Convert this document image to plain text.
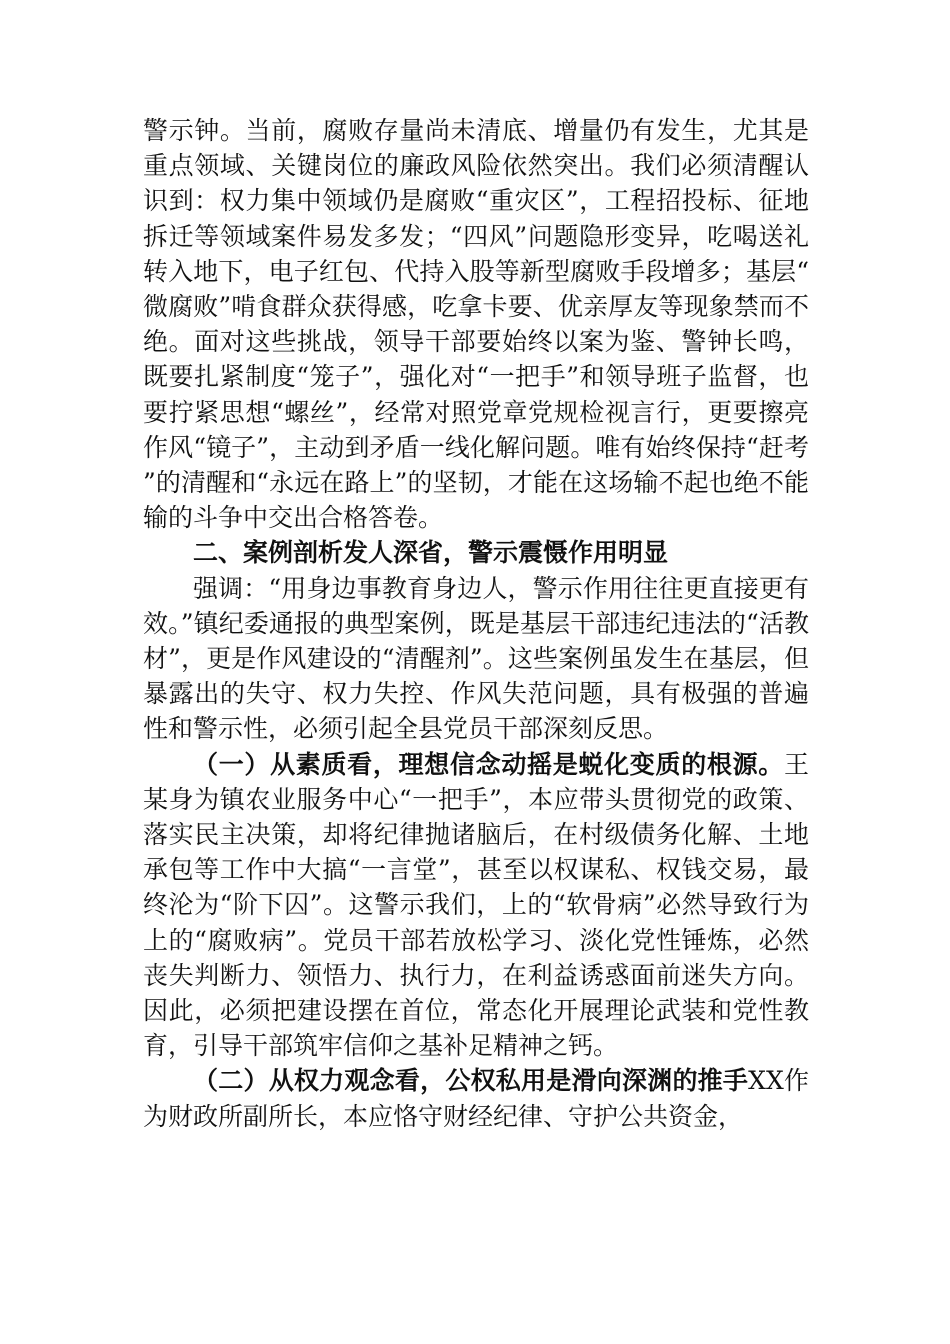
警示钟。当前，腐败存量尚未清底、增量仍有发生，尤其是重点领域、关键岗位的廉政风险依然突出。我们必须清醒认识到：权力集中领域仍是腐败“重灾区”，工程招投标、征地拆迁等领域案件易发多发；“四风”问题隐形变异，吃喝送礼转入地下，电子红包、代持入股等新型腐败手段增多；基层“微腐败”啃食群众获得感，吃拿卡要、优亲厚友等现象禁而不绝。面对这些挑战，领导干部要始终以案为鉴、警钟长鸣，既要扎紧制度“笼子”，强化对“一把手”和领导班子监督，也要拧紧思想“螺丝”，经常对照党章党规检视言行，更要擦亮作风“镜子”，主动到矛盾一线化解问题。唯有始终保持“赶考”的清醒和“永远在路上”的坚韧，才能在这场输不起也绝不能输的斗争中交出合格答卷。

二、案例剖析发人深省，警示震慑作用明显

强调：“用身边事教育身边人，警示作用往往更直接更有效。”镇纪委通报的典型案例，既是基层干部违纪违法的“活教材”，更是作风建设的“清醒剂”。这些案例虽发生在基层，但暴露出的失守、权力失控、作风失范问题，具有极强的普遍性和警示性，必须引起全县党员干部深刻反思。

（一）从素质看，理想信念动摇是蜕化变质的根源。王某身为镇农业服务中心“一把手”，本应带头贯彻党的政策、落实民主决策，却将纪律抛诸脑后，在村级债务化解、土地承包等工作中大搞“一言堂”，甚至以权谋私、权钱交易，最终沦为“阶下囚”。这警示我们，上的“软骨病”必然导致行为上的“腐败病”。党员干部若放松学习、淡化党性锤炼，必然丧失判断力、领悟力、执行力，在利益诱惑面前迷失方向。因此，必须把建设摆在首位，常态化开展理论武装和党性教育，引导干部筑牢信仰之基补足精神之钙。

（二）从权力观念看，公权私用是滑向深渊的推手XX作为财政所副所长，本应恪守财经纪律、守护公共资金，
